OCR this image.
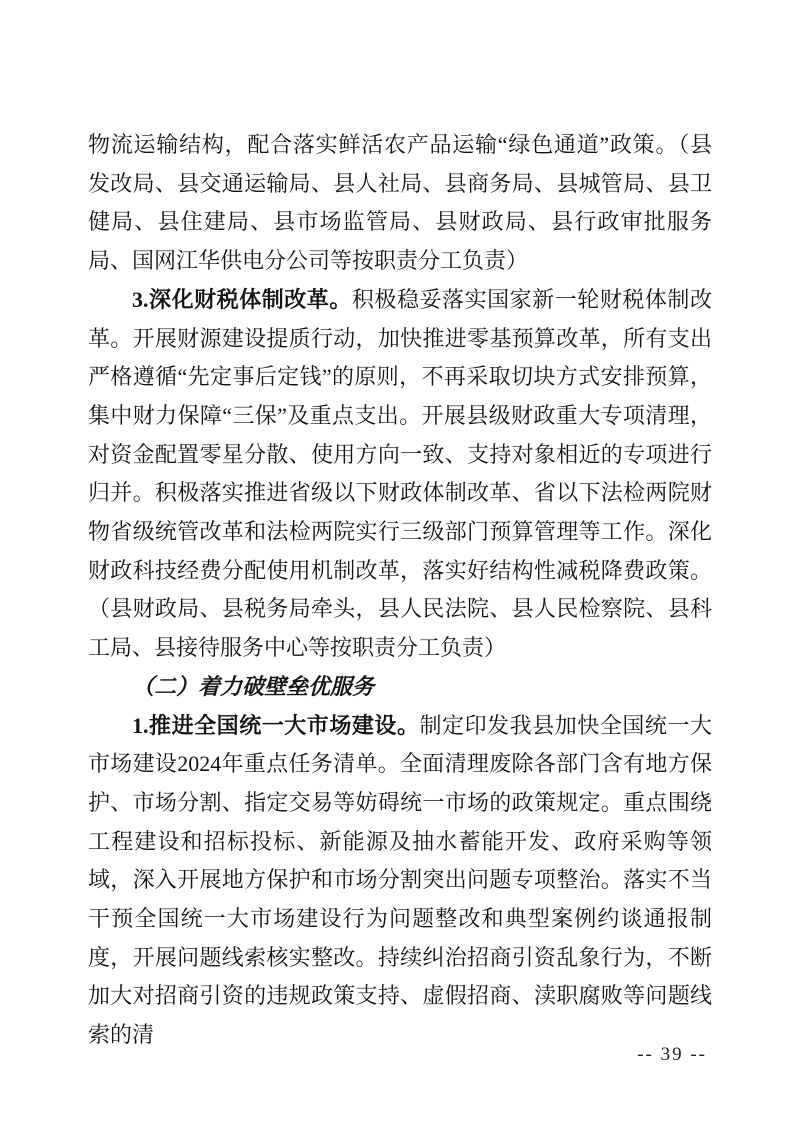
物流运输结构，配合落实鲜活农产品运输“绿色通道”政策。（县发改局、县交通运输局、县人社局、县商务局、县城管局、县卫健局、县住建局、县市场监管局、县财政局、县行政审批服务局、国网江华供电分公司等按职责分工负责）

3.深化财税体制改革。积极稳妥落实国家新一轮财税体制改革。开展财源建设提质行动，加快推进零基预算改革，所有支出严格遵循“先定事后定钱”的原则，不再采取切块方式安排预算，集中财力保障“三保”及重点支出。开展县级财政重大专项清理，对资金配置零星分散、使用方向一致、支持对象相近的专项进行归并。积极落实推进省级以下财政体制改革、省以下法检两院财物省级统管改革和法检两院实行三级部门预算管理等工作。深化财政科技经费分配使用机制改革，落实好结构性减税降费政策。（县财政局、县税务局牵头，县人民法院、县人民检察院、县科工局、县接待服务中心等按职责分工负责）

（二）着力破壁垒优服务

1.推进全国统一大市场建设。制定印发我县加快全国统一大市场建设2024年重点任务清单。全面清理废除各部门含有地方保护、市场分割、指定交易等妨碍统一市场的政策规定。重点围绕工程建设和招标投标、新能源及抽水蓄能开发、政府采购等领域，深入开展地方保护和市场分割突出问题专项整治。落实不当干预全国统一大市场建设行为问题整改和典型案例约谈通报制度，开展问题线索核实整改。持续纠治招商引资乱象行为，不断加大对招商引资的违规政策支持、虚假招商、渎职腐败等问题线索的清

-- 39 --
